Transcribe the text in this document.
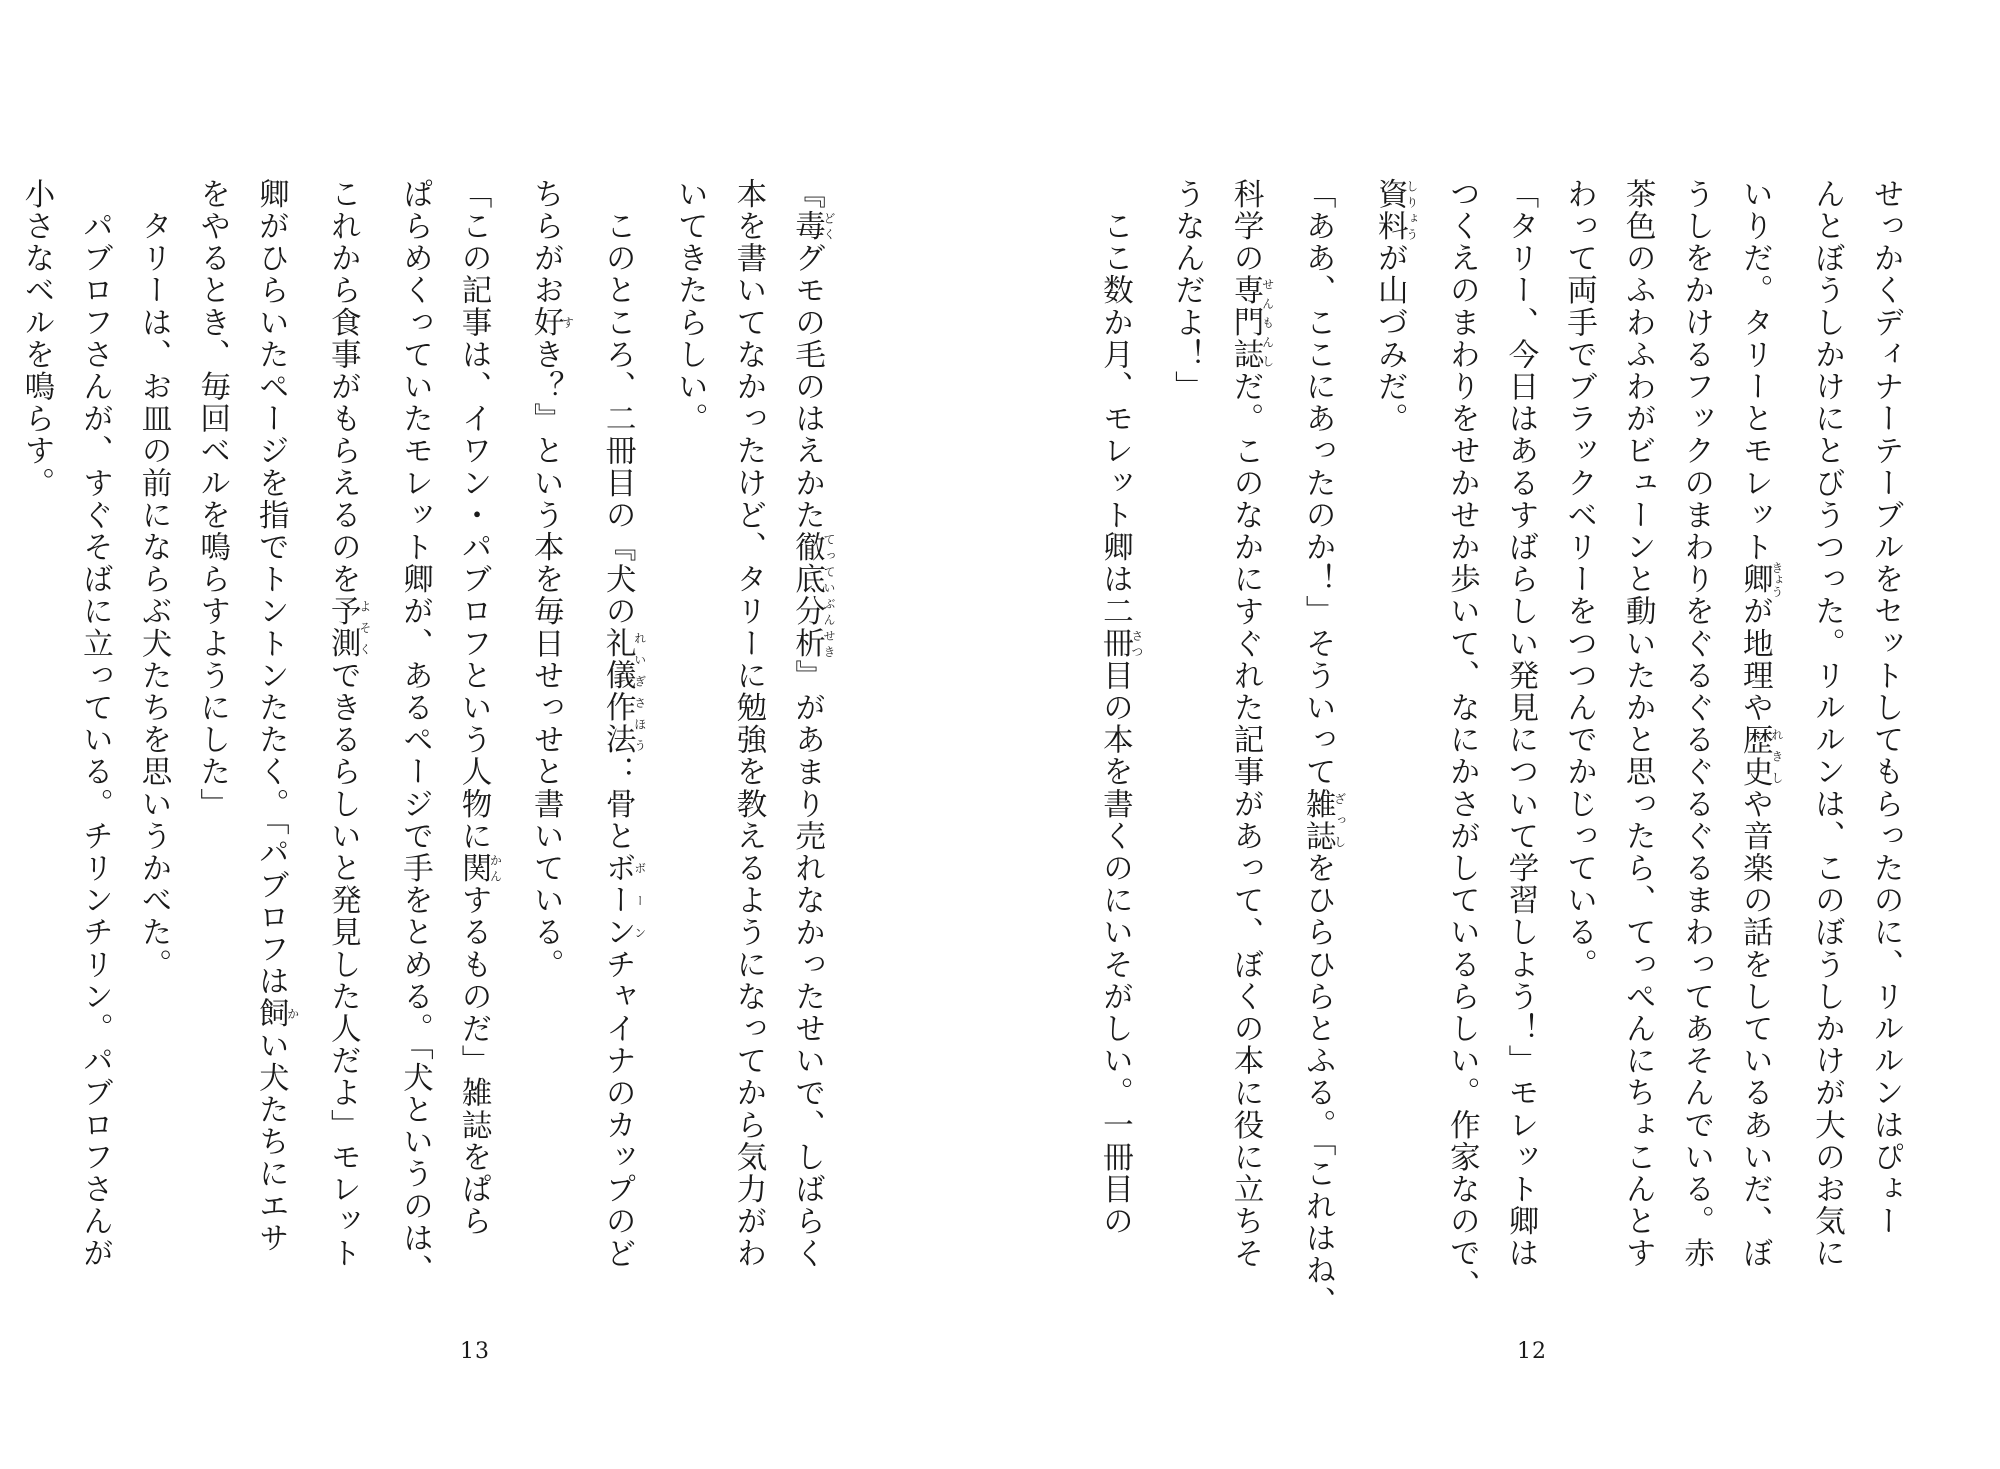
『毒どくグモの毛のはえかた徹底分析てっていぶんせき』があまり売れなかったせいで、しばらく
本を書いてなかったけど、タリーに勉強を教えるようになってから気力がわ
いてきたらしい。
　このところ、二冊目の『犬の礼儀作法れいぎさほう：骨とボーンボーンチャイナのカップのど
ちらがお好すき？』という本を毎日せっせと書いている。
「この記事は、イワン・パブロフという人物に関かんするものだ」雑誌をぱら
ぱらめくっていたモレット卿が、あるページで手をとめる。「犬というのは、
これから食事がもらえるのを予測よそくできるらしいと発見した人だよ」モレット
卿がひらいたページを指でトントンたたく。「パブロフは飼かい犬たちにエサ
をやるとき、毎回ベルを鳴らすようにした」
　タリーは、お皿の前にならぶ犬たちを思いうかべた。
　パブロフさんが、すぐそばに立っている。チリンチリン。パブロフさんが
小さなベルを鳴らす。
13
せっかくディナーテーブルをセットしてもらったのに、リルルンはぴょー
んとぼうしかけにとびうつった。リルルンは、このぼうしかけが大のお気に
いりだ。タリーとモレット卿きょうが地理や歴史れきしや音楽の話をしているあいだ、ぼ
うしをかけるフックのまわりをぐるぐるぐるぐるまわってあそんでいる。赤
茶色のふわふわがビューンと動いたかと思ったら、てっぺんにちょこんとす
わって両手でブラックベリーをつつんでかじっている。
「タリー、今日はあるすばらしい発見について学習しよう！」モレット卿は
つくえのまわりをせかせか歩いて、なにかさがしているらしい。作家なので、
資料しりょうが山づみだ。
「ああ、ここにあったのか！」そういって雑誌ざっしをひらひらとふる。「これはね、
科学の専門誌せんもんしだ。このなかにすぐれた記事があって、ぼくの本に役に立ちそ
うなんだよ！」
　ここ数か月、モレット卿は二冊さつ目の本を書くのにいそがしい。一冊目の
12
